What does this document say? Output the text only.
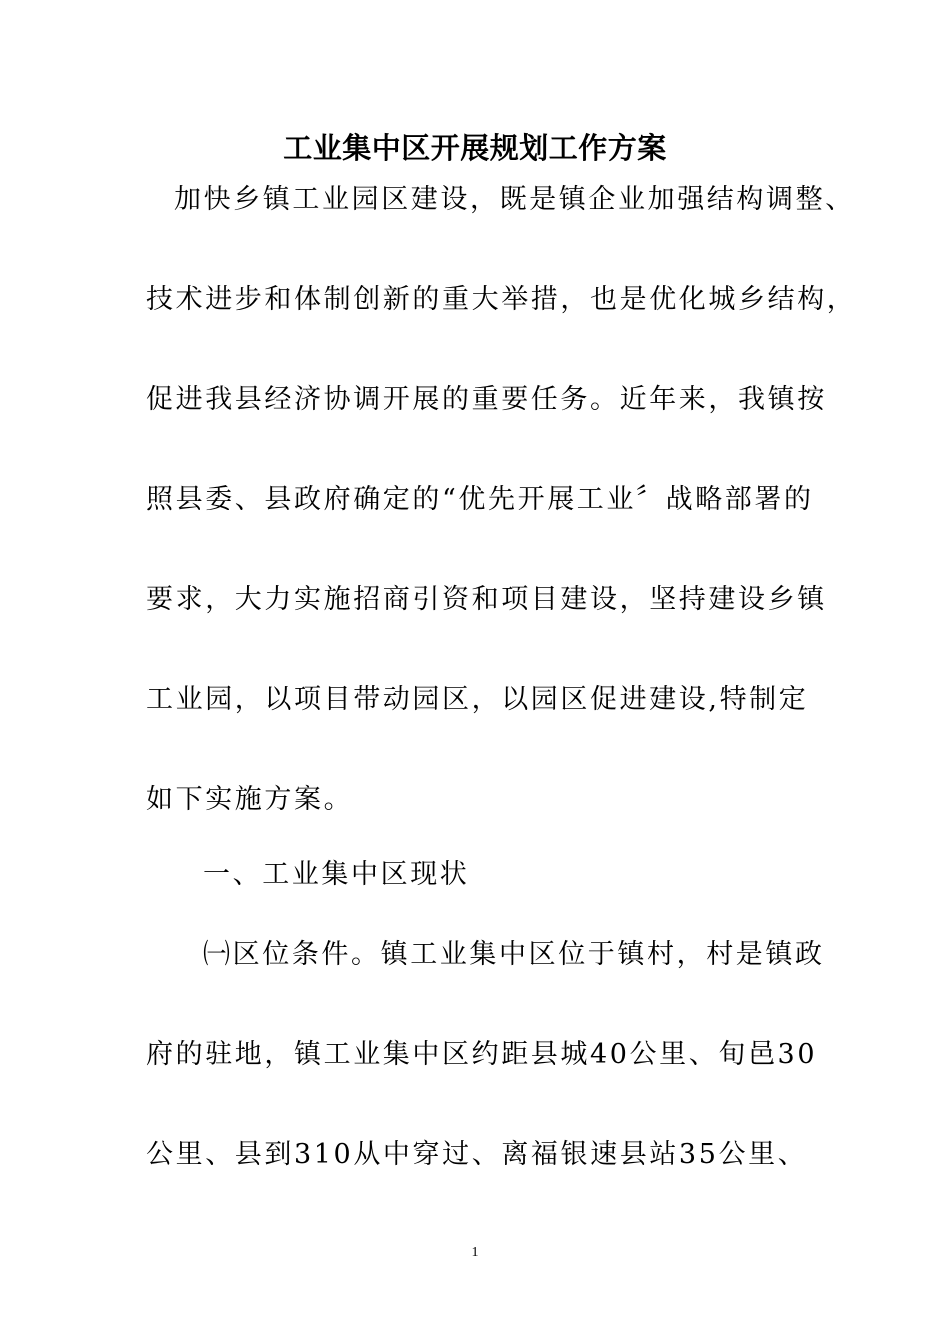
工业集中区开展规划工作方案
加快乡镇工业园区建设，既是镇企业加强结构调整、
技术进步和体制创新的重大举措，也是优化城乡结构，
促进我县经济协调开展的重要任务。近年来，我镇按
照县委、县政府确定的“优先开展工业〞战略部署的
要求，大力实施招商引资和项目建设，坚持建设乡镇
工业园，以项目带动园区，以园区促进建设,特制定
如下实施方案。
一、工业集中区现状
㈠区位条件。镇工业集中区位于镇村，村是镇政
府的驻地，镇工业集中区约距县城40公里、旬邑30
公里、县到310从中穿过、离福银速县站35公里、
1
